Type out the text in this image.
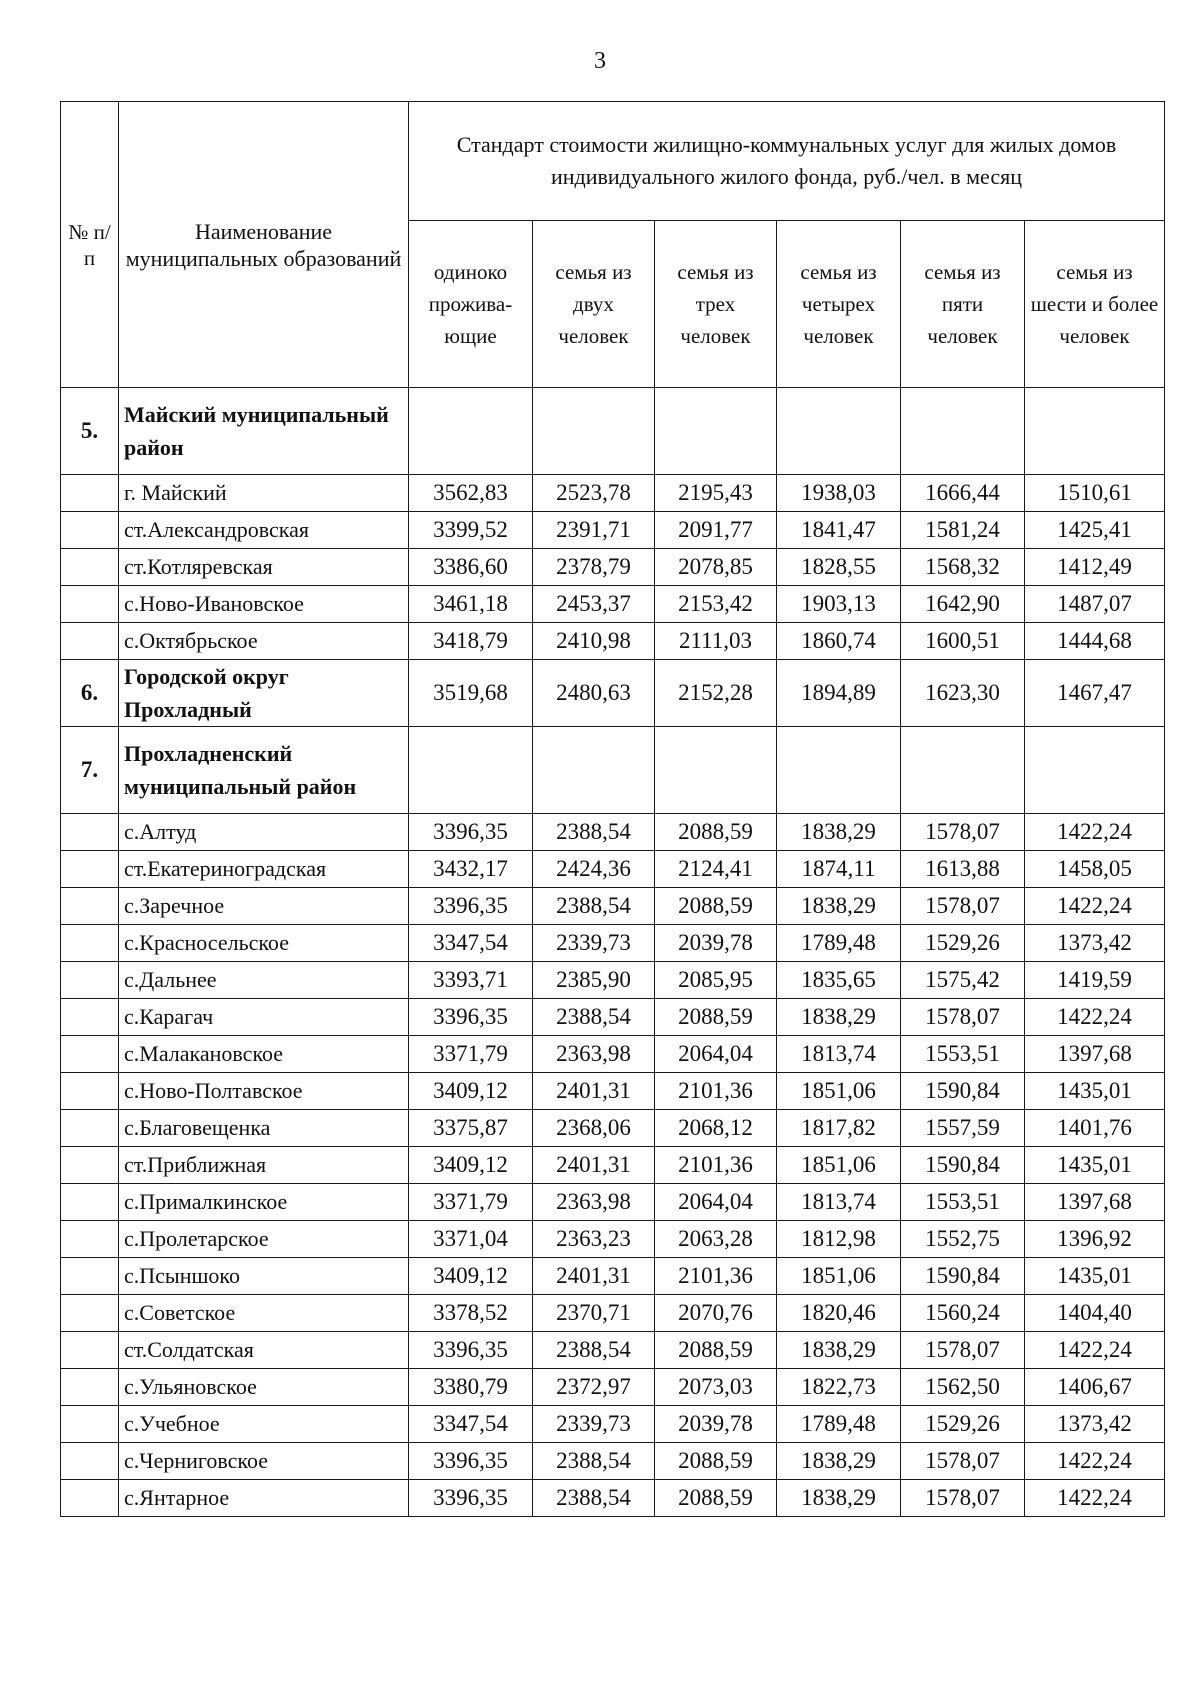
3
№ п/п	Наименование муниципальных образований	Стандарт стоимости жилищно-коммунальных услуг для жилых домов индивидуального жилого фонда, руб./чел. в месяц					
		одиноко прожива- ющие	семья из двух человек	семья из трех человек	семья из четырех человек	семья из пяти человек	семья из шести и более человек
5.	Майский муниципальный район						
	г. Майский	3562,83	2523,78	2195,43	1938,03	1666,44	1510,61
	ст.Александровская	3399,52	2391,71	2091,77	1841,47	1581,24	1425,41
	ст.Котляревская	3386,60	2378,79	2078,85	1828,55	1568,32	1412,49
	с.Ново-Ивановское	3461,18	2453,37	2153,42	1903,13	1642,90	1487,07
	с.Октябрьское	3418,79	2410,98	2111,03	1860,74	1600,51	1444,68
6.	Городской округ Прохладный	3519,68	2480,63	2152,28	1894,89	1623,30	1467,47
7.	Прохладненский муниципальный район						
	с.Алтуд	3396,35	2388,54	2088,59	1838,29	1578,07	1422,24
	ст.Екатериноградская	3432,17	2424,36	2124,41	1874,11	1613,88	1458,05
	с.Заречное	3396,35	2388,54	2088,59	1838,29	1578,07	1422,24
	с.Красносельское	3347,54	2339,73	2039,78	1789,48	1529,26	1373,42
	с.Дальнее	3393,71	2385,90	2085,95	1835,65	1575,42	1419,59
	с.Карагач	3396,35	2388,54	2088,59	1838,29	1578,07	1422,24
	с.Малакановское	3371,79	2363,98	2064,04	1813,74	1553,51	1397,68
	с.Ново-Полтавское	3409,12	2401,31	2101,36	1851,06	1590,84	1435,01
	с.Благовещенка	3375,87	2368,06	2068,12	1817,82	1557,59	1401,76
	ст.Приближная	3409,12	2401,31	2101,36	1851,06	1590,84	1435,01
	с.Прималкинское	3371,79	2363,98	2064,04	1813,74	1553,51	1397,68
	с.Пролетарское	3371,04	2363,23	2063,28	1812,98	1552,75	1396,92
	с.Псыншоко	3409,12	2401,31	2101,36	1851,06	1590,84	1435,01
	с.Советское	3378,52	2370,71	2070,76	1820,46	1560,24	1404,40
	ст.Солдатская	3396,35	2388,54	2088,59	1838,29	1578,07	1422,24
	с.Ульяновское	3380,79	2372,97	2073,03	1822,73	1562,50	1406,67
	с.Учебное	3347,54	2339,73	2039,78	1789,48	1529,26	1373,42
	с.Черниговское	3396,35	2388,54	2088,59	1838,29	1578,07	1422,24
	с.Янтарное	3396,35	2388,54	2088,59	1838,29	1578,07	1422,24
